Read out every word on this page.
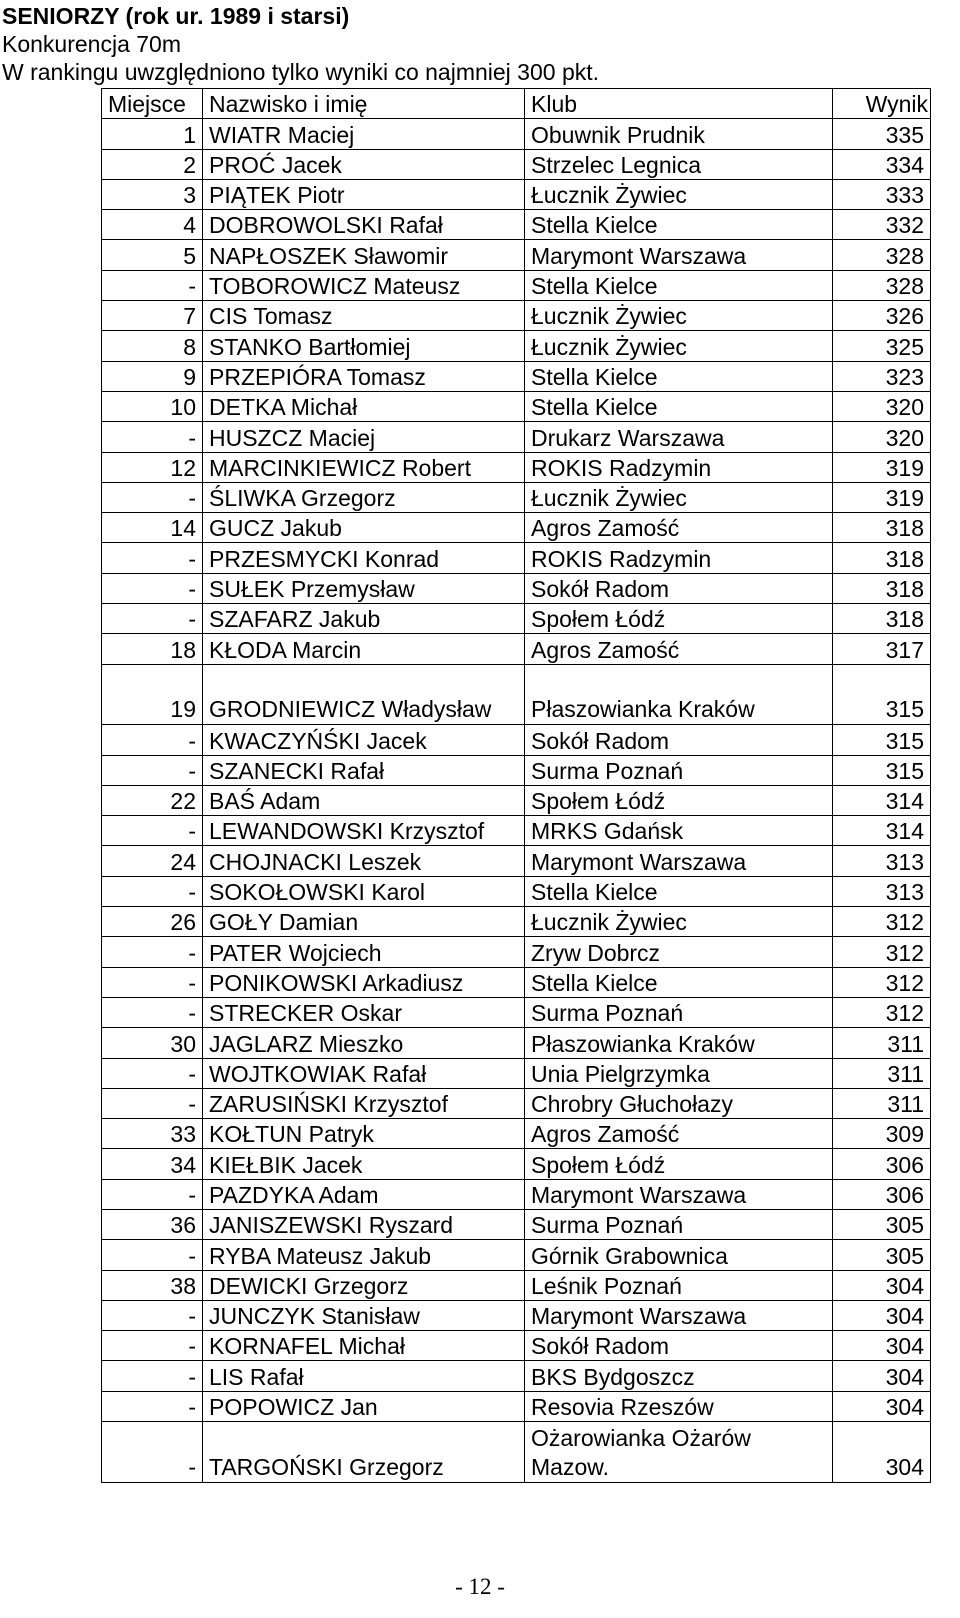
SENIORZY (rok ur. 1989 i starsi)
Konkurencja 70m
W rankingu uwzględniono tylko wyniki co najmniej 300 pkt.
Miejsce	Nazwisko i imię	Klub	Wynik
1	WIATR Maciej	Obuwnik Prudnik	335
2	PROĆ Jacek	Strzelec Legnica	334
3	PIĄTEK Piotr	Łucznik Żywiec	333
4	DOBROWOLSKI Rafał	Stella Kielce	332
5	NAPŁOSZEK Sławomir	Marymont Warszawa	328
-	TOBOROWICZ Mateusz	Stella Kielce	328
7	CIS Tomasz	Łucznik Żywiec	326
8	STANKO Bartłomiej	Łucznik Żywiec	325
9	PRZEPIÓRA Tomasz	Stella Kielce	323
10	DETKA Michał	Stella Kielce	320
-	HUSZCZ Maciej	Drukarz Warszawa	320
12	MARCINKIEWICZ Robert	ROKIS Radzymin	319
-	ŚLIWKA Grzegorz	Łucznik Żywiec	319
14	GUCZ Jakub	Agros Zamość	318
-	PRZESMYCKI Konrad	ROKIS Radzymin	318
-	SUŁEK Przemysław	Sokół Radom	318
-	SZAFARZ Jakub	Społem Łódź	318
18	KŁODA Marcin	Agros Zamość	317
19	GRODNIEWICZ Władysław	Płaszowianka Kraków	315
-	KWACZYŃŚKI Jacek	Sokół Radom	315
-	SZANECKI Rafał	Surma Poznań	315
22	BAŚ Adam	Społem Łódź	314
-	LEWANDOWSKI Krzysztof	MRKS Gdańsk	314
24	CHOJNACKI Leszek	Marymont Warszawa	313
-	SOKOŁOWSKI Karol	Stella Kielce	313
26	GOŁY Damian	Łucznik Żywiec	312
-	PATER Wojciech	Zryw Dobrcz	312
-	PONIKOWSKI Arkadiusz	Stella Kielce	312
-	STRECKER Oskar	Surma Poznań	312
30	JAGLARZ Mieszko	Płaszowianka Kraków	311
-	WOJTKOWIAK Rafał	Unia Pielgrzymka	311
-	ZARUSIŃSKI Krzysztof	Chrobry Głuchołazy	311
33	KOŁTUN Patryk	Agros Zamość	309
34	KIEŁBIK Jacek	Społem Łódź	306
-	PAZDYKA Adam	Marymont Warszawa	306
36	JANISZEWSKI Ryszard	Surma Poznań	305
-	RYBA Mateusz Jakub	Górnik Grabownica	305
38	DEWICKI Grzegorz	Leśnik Poznań	304
-	JUNCZYK Stanisław	Marymont Warszawa	304
-	KORNAFEL Michał	Sokół Radom	304
-	LIS Rafał	BKS Bydgoszcz	304
-	POPOWICZ Jan	Resovia Rzeszów	304
-	TARGOŃSKI Grzegorz	Ożarowianka Ożarów Mazow.	304
- 12 -
